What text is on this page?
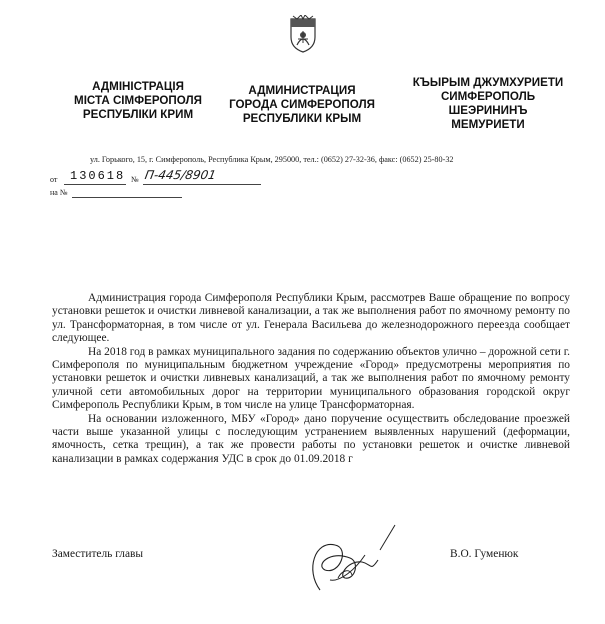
АДМІНІСТРАЦІЯ
МІСТА СІМФЕРОПОЛЯ
РЕСПУБЛІКИ КРИМ
АДМИНИСТРАЦИЯ
ГОРОДА СИМФЕРОПОЛЯ
РЕСПУБЛИКИ КРЫМ
КЪЫРЫМ ДЖУМХУРИЕТИ
СИМФЕРОПОЛЬ
ШЕЭРИНИНЪ
МЕМУРИЕТИ
ул. Горького, 15, г. Симферополь, Республика Крым, 295000, тел.: (0652) 27-32-36, факс: (0652) 25-80-32
от 130618 № П-445/8901
на №

Администрация города Симферополя Республики Крым, рассмотрев Ваше обращение по вопросу установки решеток и очистки ливневой канализации, а так же выполнения работ по ямочному ремонту по ул. Трансформаторная, в том числе от ул. Генерала Васильева до железнодорожного переезда сообщает следующее.

На 2018 год в рамках муниципального задания по содержанию объектов улично – дорожной сети г. Симферополя по муниципальным бюджетном учреждение «Город» предусмотрены мероприятия по установки решеток и очистки ливневых канализаций, а так же выполнения работ по ямочному ремонту уличной сети автомобильных дорог на территории муниципального образования городской округ Симферополь Республики Крым, в том числе на улице Трансформаторная.

На основании изложенного, МБУ «Город» дано поручение осуществить обследование проезжей части выше указанной улицы с последующим устранением выявленных нарушений (деформации, ямочность, сетка трещин), а так же провести работы по установки решеток и очистке ливневой канализации в рамках содержания УДС в срок до 01.09.2018 г

Заместитель главы	В.О. Гуменюк
